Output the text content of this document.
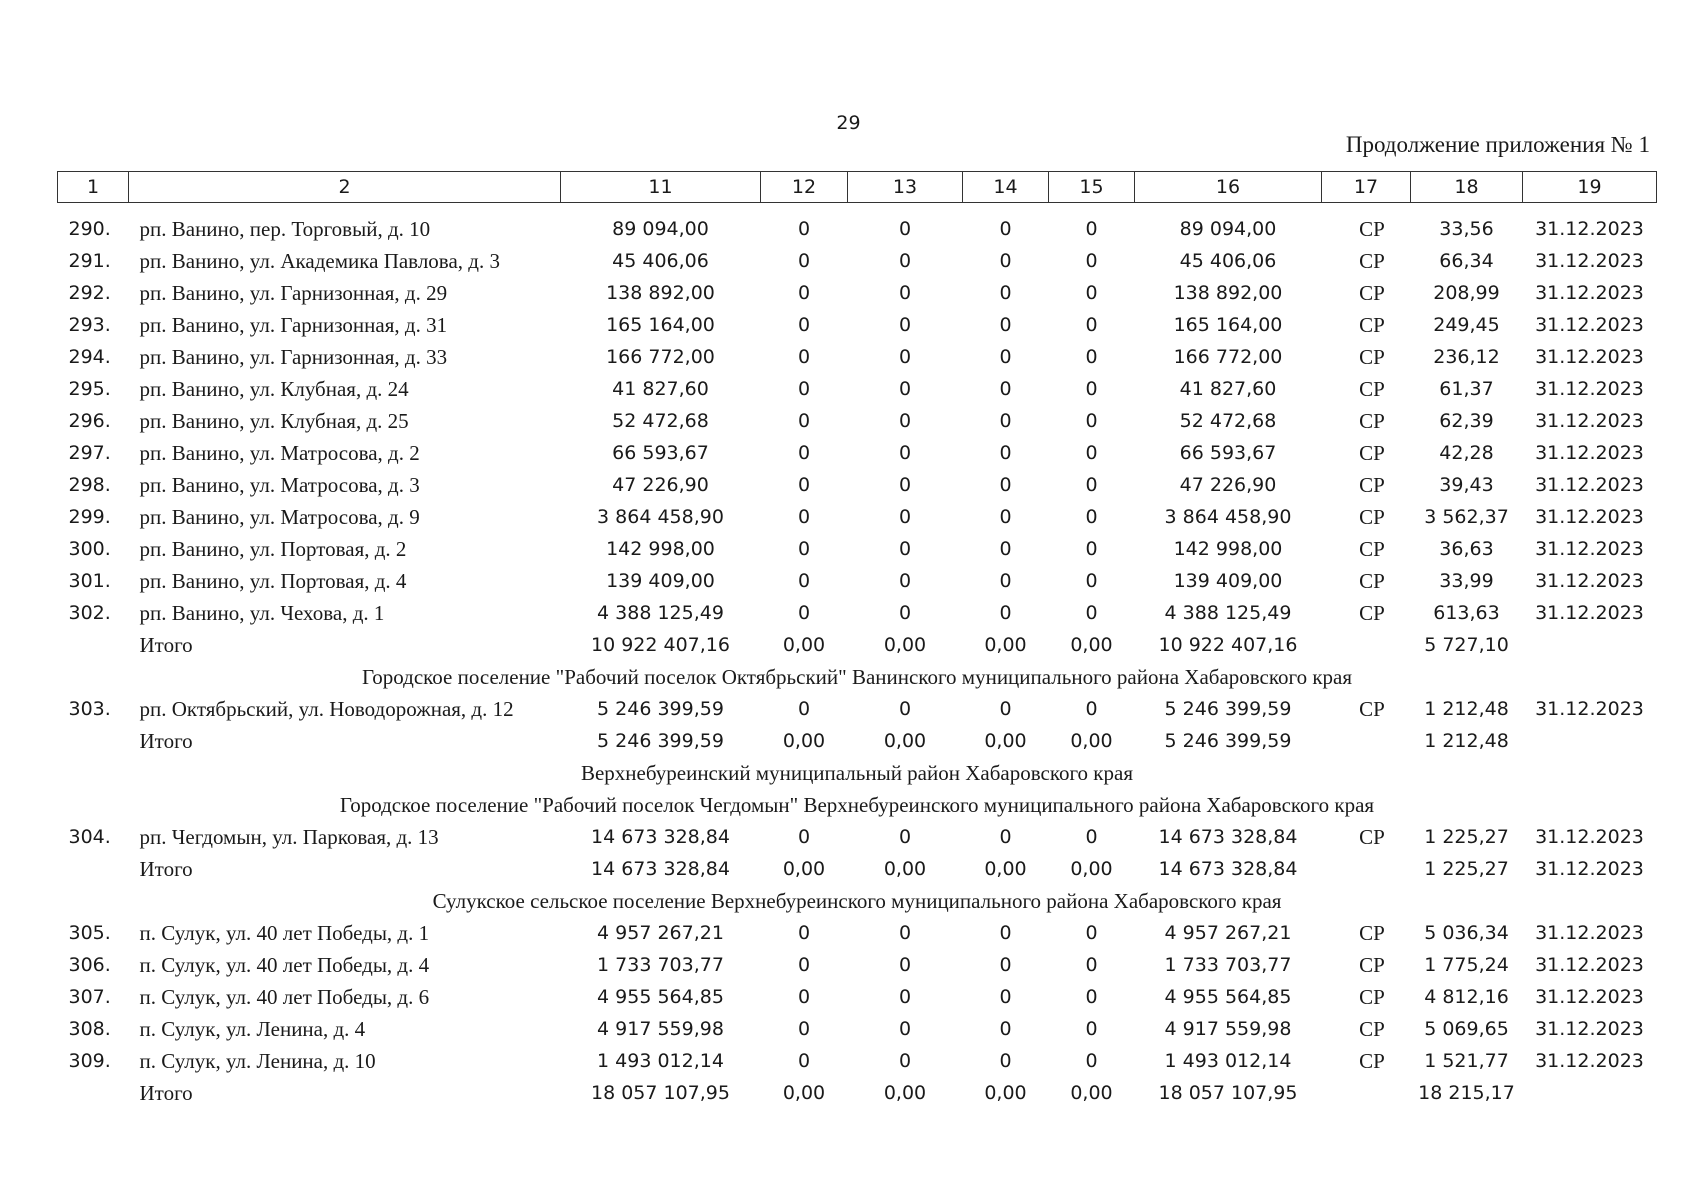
29
Продолжение приложения № 1
1	2	11	12	13	14	15	16	17	18	19

290.	рп. Ванино, пер. Торговый, д. 10	89 094,00	0	0	0	0	89 094,00	СР	33,56	31.12.2023
291.	рп. Ванино, ул. Академика Павлова, д. 3	45 406,06	0	0	0	0	45 406,06	СР	66,34	31.12.2023
292.	рп. Ванино, ул. Гарнизонная, д. 29	138 892,00	0	0	0	0	138 892,00	СР	208,99	31.12.2023
293.	рп. Ванино, ул. Гарнизонная, д. 31	165 164,00	0	0	0	0	165 164,00	СР	249,45	31.12.2023
294.	рп. Ванино, ул. Гарнизонная, д. 33	166 772,00	0	0	0	0	166 772,00	СР	236,12	31.12.2023
295.	рп. Ванино, ул. Клубная, д. 24	41 827,60	0	0	0	0	41 827,60	СР	61,37	31.12.2023
296.	рп. Ванино, ул. Клубная, д. 25	52 472,68	0	0	0	0	52 472,68	СР	62,39	31.12.2023
297.	рп. Ванино, ул. Матросова, д. 2	66 593,67	0	0	0	0	66 593,67	СР	42,28	31.12.2023
298.	рп. Ванино, ул. Матросова, д. 3	47 226,90	0	0	0	0	47 226,90	СР	39,43	31.12.2023
299.	рп. Ванино, ул. Матросова, д. 9	3 864 458,90	0	0	0	0	3 864 458,90	СР	3 562,37	31.12.2023
300.	рп. Ванино, ул. Портовая, д. 2	142 998,00	0	0	0	0	142 998,00	СР	36,63	31.12.2023
301.	рп. Ванино, ул. Портовая, д. 4	139 409,00	0	0	0	0	139 409,00	СР	33,99	31.12.2023
302.	рп. Ванино, ул. Чехова, д. 1	4 388 125,49	0	0	0	0	4 388 125,49	СР	613,63	31.12.2023
	Итого	10 922 407,16	0,00	0,00	0,00	0,00	10 922 407,16		5 727,10	
Городское поселение "Рабочий поселок Октябрьский" Ванинского муниципального района Хабаровского края										
303.	рп. Октябрьский, ул. Новодорожная, д. 12	5 246 399,59	0	0	0	0	5 246 399,59	СР	1 212,48	31.12.2023
	Итого	5 246 399,59	0,00	0,00	0,00	0,00	5 246 399,59		1 212,48	
Верхнебуреинский муниципальный район Хабаровского края										
Городское поселение "Рабочий поселок Чегдомын" Верхнебуреинского муниципального района Хабаровского края										
304.	рп. Чегдомын, ул. Парковая, д. 13	14 673 328,84	0	0	0	0	14 673 328,84	СР	1 225,27	31.12.2023
	Итого	14 673 328,84	0,00	0,00	0,00	0,00	14 673 328,84		1 225,27	31.12.2023
Сулукское сельское поселение Верхнебуреинского муниципального района Хабаровского края										
305.	п. Сулук, ул. 40 лет Победы, д. 1	4 957 267,21	0	0	0	0	4 957 267,21	СР	5 036,34	31.12.2023
306.	п. Сулук, ул. 40 лет Победы, д. 4	1 733 703,77	0	0	0	0	1 733 703,77	СР	1 775,24	31.12.2023
307.	п. Сулук, ул. 40 лет Победы, д. 6	4 955 564,85	0	0	0	0	4 955 564,85	СР	4 812,16	31.12.2023
308.	п. Сулук, ул. Ленина, д. 4	4 917 559,98	0	0	0	0	4 917 559,98	СР	5 069,65	31.12.2023
309.	п. Сулук, ул. Ленина, д. 10	1 493 012,14	0	0	0	0	1 493 012,14	СР	1 521,77	31.12.2023
	Итого	18 057 107,95	0,00	0,00	0,00	0,00	18 057 107,95		18 215,17	
